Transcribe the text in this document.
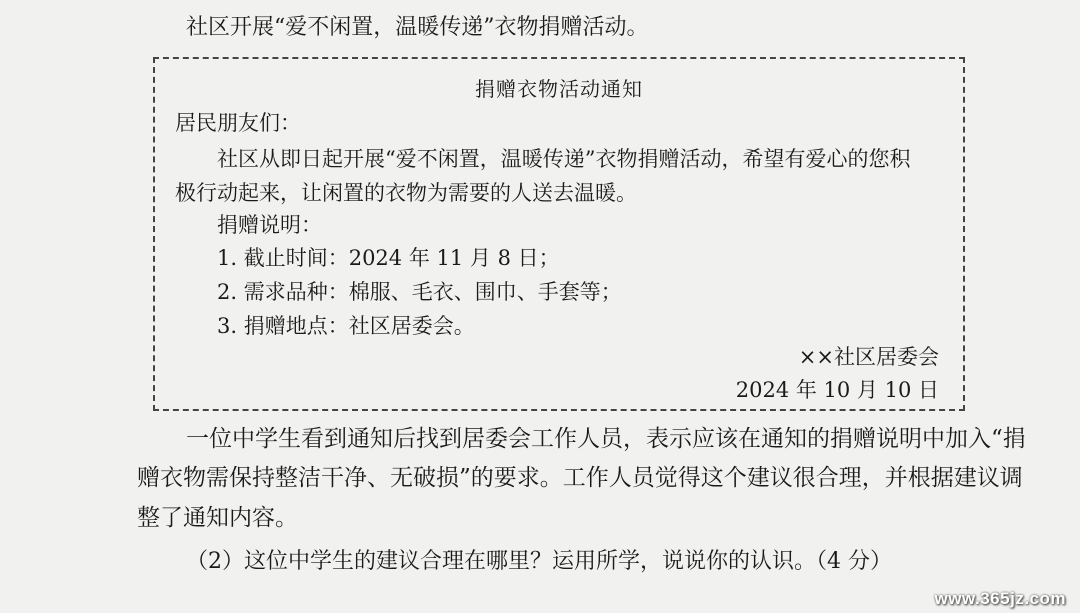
社区开展“爱不闲置，温暖传递”衣物捐赠活动。
捐赠衣物活动通知
居民朋友们：
社区从即日起开展“爱不闲置，温暖传递”衣物捐赠活动，希望有爱心的您积
极行动起来，让闲置的衣物为需要的人送去温暖。
捐赠说明：
1. 截止时间：2024 年 11 月 8 日；
2. 需求品种：棉服、毛衣、围巾、手套等；
3. 捐赠地点：社区居委会。
××社区居委会
2024 年 10 月 10 日
一位中学生看到通知后找到居委会工作人员，表示应该在通知的捐赠说明中加入“捐
赠衣物需保持整洁干净、无破损”的要求。工作人员觉得这个建议很合理，并根据建议调
整了通知内容。
（2）这位中学生的建议合理在哪里？运用所学，说说你的认识。（4 分）
www.365jz.com
